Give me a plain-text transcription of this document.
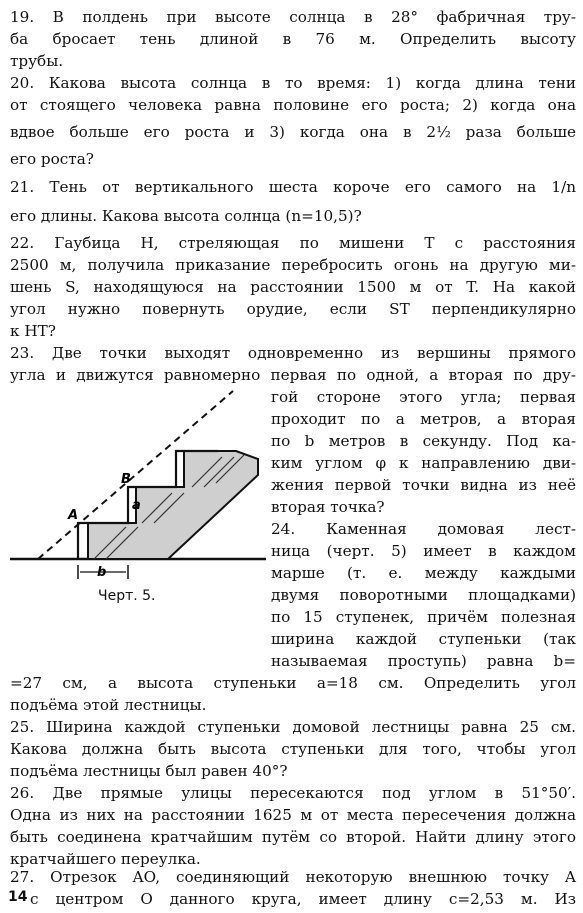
19. В полдень при высоте солнца в 28° фабричная тру-
ба бросает тень длиной в 76 м. Определить высоту
трубы.
20. Какова высота солнца в то время: 1) когда длина тени
от стоящего человека равна половине его роста; 2) когда она
вдвое больше его роста и 3) когда она в 2½ раза больше
его роста?
21. Тень от вертикального шеста короче его самого на 1/n
его длины. Какова высота солнца (n=10,5)?
22. Гаубица H, стреляющая по мишени T с расстояния
2500 м, получила приказание перебросить огонь на другую ми-
шень S, находящуюся на расстоянии 1500 м от T. На какой
угол нужно повернуть орудие, если ST перпендикулярно
к HT?
23. Две точки выходят одновременно из вершины прямого
угла и движутся равномерно первая по одной, а вторая по дру-
гой стороне этого угла; первая
проходит по a метров, а вторая
по b метров в секунду. Под ка-
ким углом φ к направлению дви-
жения первой точки видна из неё
вторая точка?
24. Каменная домовая лест-
ница (черт. 5) имеет в каждом
марше (т. е. между каждыми
двумя поворотными площадками)
по 15 ступенек, причём полезная
ширина каждой ступеньки (так
называемая проступь) равна b=
=27 см, а высота ступеньки a=18 см. Определить угол
подъёма этой лестницы.
25. Ширина каждой ступеньки домовой лестницы равна 25 см.
Какова должна быть высота ступеньки для того, чтобы угол
подъёма лестницы был равен 40°?
26. Две прямые улицы пересекаются под углом в 51°50′.
Одна из них на расстоянии 1625 м от места пересечения должна
быть соединена кратчайшим путём со второй. Найти длину этого
кратчайшего переулка.
27. Отрезок AO, соединяющий некоторую внешнюю точку A
с центром O данного круга, имеет длину c=2,53 м. Из
b
A
B
a
Черт. 5.
14
